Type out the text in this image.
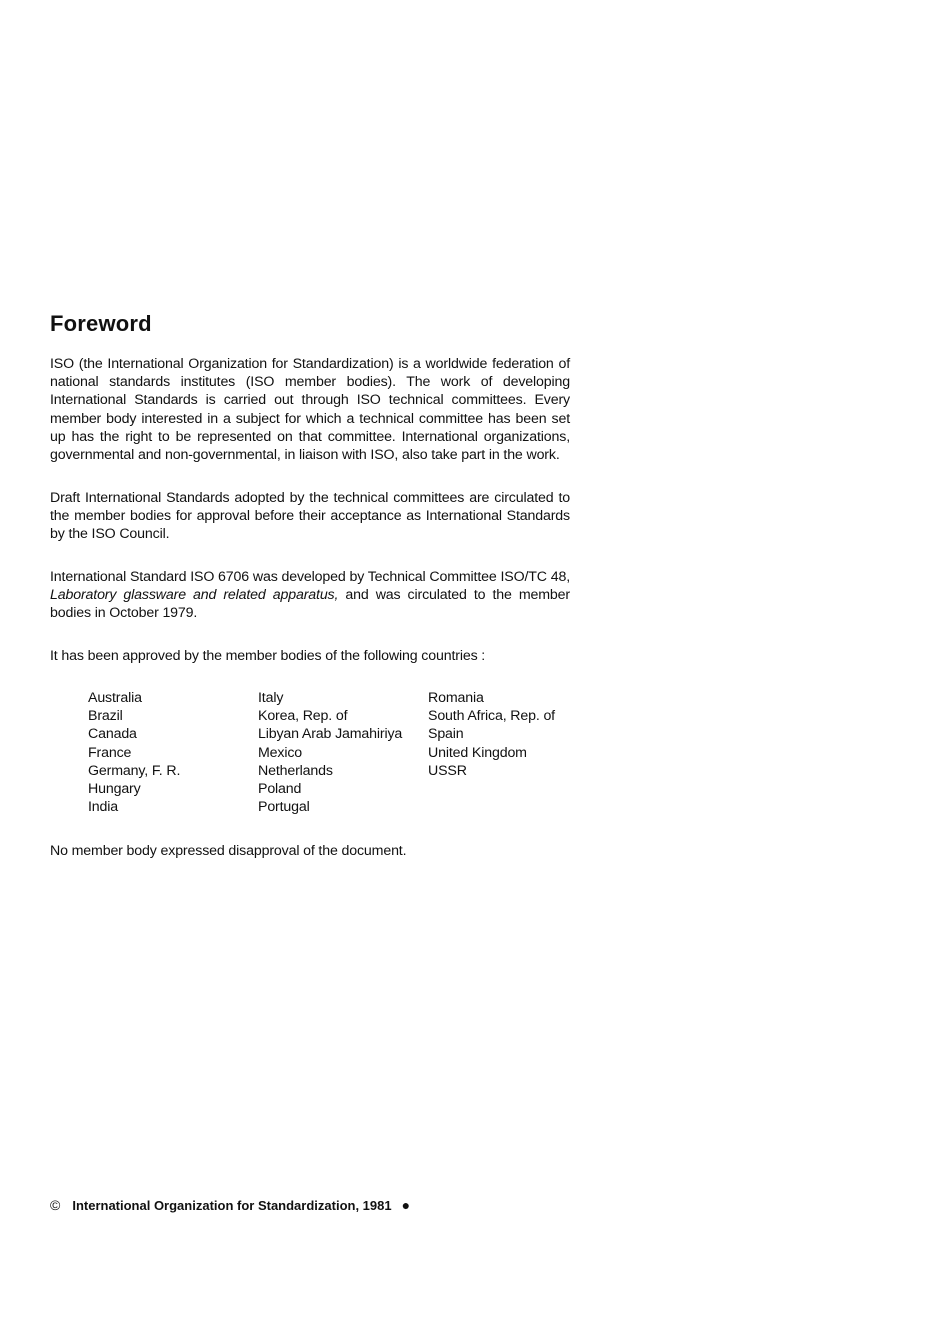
Foreword

ISO (the International Organization for Standardization) is a worldwide federation of national standards institutes (ISO member bodies). The work of developing International Standards is carried out through ISO technical committees. Every member body interested in a subject for which a technical committee has been set up has the right to be represented on that committee. International organizations, governmental and non-governmental, in liaison with ISO, also take part in the work.

Draft International Standards adopted by the technical committees are circulated to the member bodies for approval before their acceptance as International Standards by the ISO Council.

International Standard ISO 6706 was developed by Technical Committee ISO/TC 48, Laboratory glassware and related apparatus, and was circulated to the member bodies in October 1979.

It has been approved by the member bodies of the following countries :

Australia
Brazil
Canada
France
Germany, F. R.
Hungary
India
Italy
Korea, Rep. of
Libyan Arab Jamahiriya
Mexico
Netherlands
Poland
Portugal
Romania
South Africa, Rep. of
Spain
United Kingdom
USSR

No member body expressed disapproval of the document.

© International Organization for Standardization, 1981 ●
